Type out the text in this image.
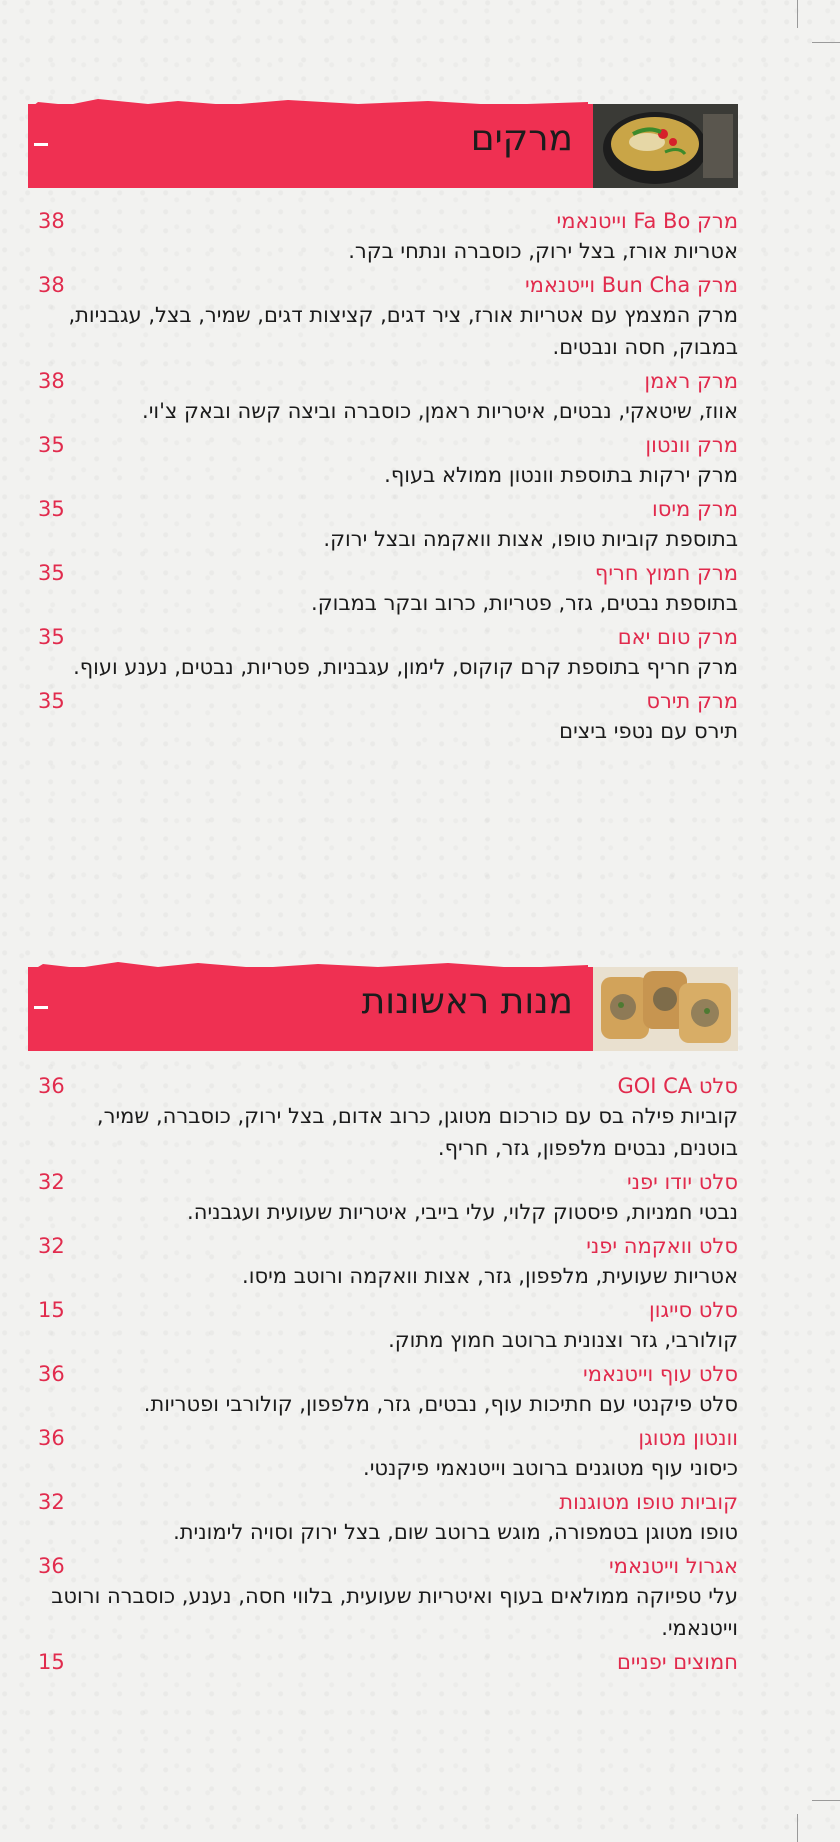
מרקים
מרק Fa Bo וייטנאמי
אטריות אורז, בצל ירוק, כוסברה ונתחי בקר.
38
מרק Bun Cha וייטנאמי
מרק המצמץ עם אטריות אורז, ציר דגים, קציצות דגים, שמיר, בצל, עגבניות, במבוק, חסה ונבטים.
38
מרק ראמן
אווז, שיטאקי, נבטים, איטריות ראמן, כוסברה וביצה קשה ובאק צ'וי.
38
מרק וונטון
מרק ירקות בתוספת וונטון ממולא בעוף.
35
מרק מיסו
בתוספת קוביות טופו, אצות וואקמה ובצל ירוק.
35
מרק חמוץ חריף
בתוספת נבטים, גזר, פטריות, כרוב ובקר במבוק.
35
מרק טום יאם
מרק חריף בתוספת קרם קוקוס, לימון, עגבניות, פטריות, נבטים, נענע ועוף.
35
מרק תירס
תירס עם נטפי ביצים
35
מנות ראשונות
סלט GOI CA
קוביות פילה בס עם כורכום מטוגן, כרוב אדום, בצל ירוק, כוסברה, שמיר, בוטנים, נבטים מלפפון, גזר, חריף.
36
סלט יודו יפני
נבטי חמניות, פיסטוק קלוי, עלי בייבי, איטריות שעועית ועגבניה.
32
סלט וואקמה יפני
אטריות שעועית, מלפפון, גזר, אצות וואקמה ורוטב מיסו.
32
סלט סייגון
קולורבי, גזר וצנונית ברוטב חמוץ מתוק.
15
סלט עוף וייטנאמי
סלט פיקנטי עם חתיכות עוף, נבטים, גזר, מלפפון, קולורבי ופטריות.
36
וונטון מטוגן
כיסוני עוף מטוגנים ברוטב וייטנאמי פיקנטי.
36
קוביות טופו מטוגנות
טופו מטוגן בטמפורה, מוגש ברוטב שום, בצל ירוק וסויה לימונית.
32
אגרול וייטנאמי
עלי טפיוקה ממולאים בעוף ואיטריות שעועית, בלווי חסה, נענע, כוסברה ורוטב וייטנאמי.
36
חמוצים יפניים
15
